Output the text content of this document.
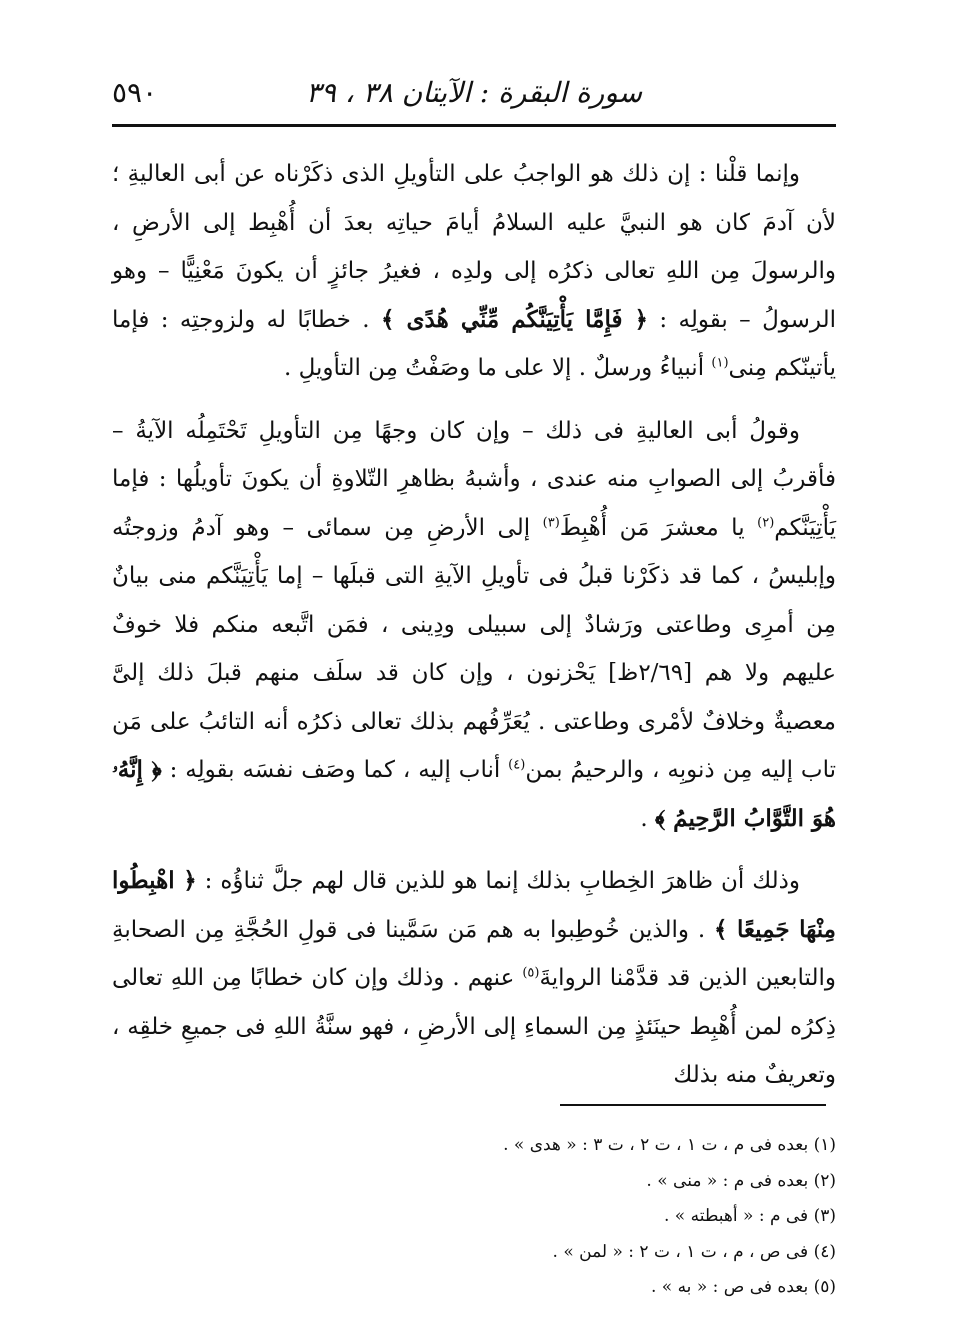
٥٩٠	سورة البقرة : الآيتان ٣٨ ، ٣٩

وإنما قلْنا : إن ذلك هو الواجبُ على التأويلِ الذى ذكَرْناه عن أبى العاليةِ ؛ لأن آدمَ كان هو النبيَّ عليه السلامُ أيامَ حياتِه بعدَ أن أُهْبِط إلى الأرضِ ، والرسولَ مِن اللهِ تعالى ذكرُه إلى ولدِه ، فغيرُ جائزٍ أن يكونَ مَعْنِيًّا – وهو الرسولُ – بقولِه : ﴿ فَإِمَّا يَأْتِيَنَّكُم مِّنِّي هُدًى ﴾ . خطابًا له ولزوجتِه : فإما يأتينّكم مِنى$^{(١)}$ أنبياءُ ورسلٌ . إلا على ما وصَفْتُ مِن التأويلِ .

وقولُ أبى العاليةِ فى ذلك – وإن كان وجهًا مِن التأويلِ تَحْتَمِلُه الآيةُ – فأقربُ إلى الصوابِ منه عندى ، وأشبهُ بظاهرِ التّلاوةِ أن يكونَ تأويلُها : فإما يَأْتِيَنَّكم$^{(٢)}$ يا معشرَ مَن أُهْبِطَ$^{(٣)}$ إلى الأرضِ مِن سمائى – وهو آدمُ وزوجتُه وإبليسُ ، كما قد ذكَرْنا قبلُ فى تأويلِ الآيةِ التى قبلَها – إما يَأْتِيَنَّكم منى بيانٌ مِن أمرِى وطاعتى ورَشادٌ إلى سبيلى ودِينى ، فمَن اتَّبعه منكم فلا خوفٌ عليهم ولا هم [٢/٦٩ظ] يَحْزنون ، وإن كان قد سلَف منهم قبلَ ذلك إلىَّ معصيةٌ وخلافٌ لأمْرى وطاعتى . يُعَرِّفُهم بذلك تعالى ذكرُه أنه التائبُ على مَن تاب إليه مِن ذنوبِه ، والرحيمُ بمن$^{(٤)}$ أناب إليه ، كما وصَف نفسَه بقولِه : ﴿ إِنَّهُۥ هُوَ التَّوَّابُ الرَّحِيمُ ﴾ .

وذلك أن ظاهرَ الخِطابِ بذلك إنما هو للذين قال لهم جلَّ ثناؤُه : ﴿ اهْبِطُوا مِنْهَا جَمِيعًا ﴾ . والذين خُوطِبوا به هم مَن سَمَّينا فى قولِ الحُجَّةِ مِن الصحابةِ والتابعين الذين قد قدَّمْنا الروايةَ$^{(٥)}$ عنهم . وذلك وإن كان خطابًا مِن اللهِ تعالى ذِكرُه لمن أُهْبِط حينَئذٍ مِن السماءِ إلى الأرضِ ، فهو سنَّةُ اللهِ فى جميعِ خلقِه ، وتعريفٌ منه بذلك

(١) بعده فى م ، ت ١ ، ت ٢ ، ت ٣ : « هدى » .

(٢) بعده فى م : « منى » .

(٣) فى م : « أهبطته » .

(٤) فى ص ، م ، ت ١ ، ت ٢ : « لمن » .

(٥) بعده فى ص : « به » .
